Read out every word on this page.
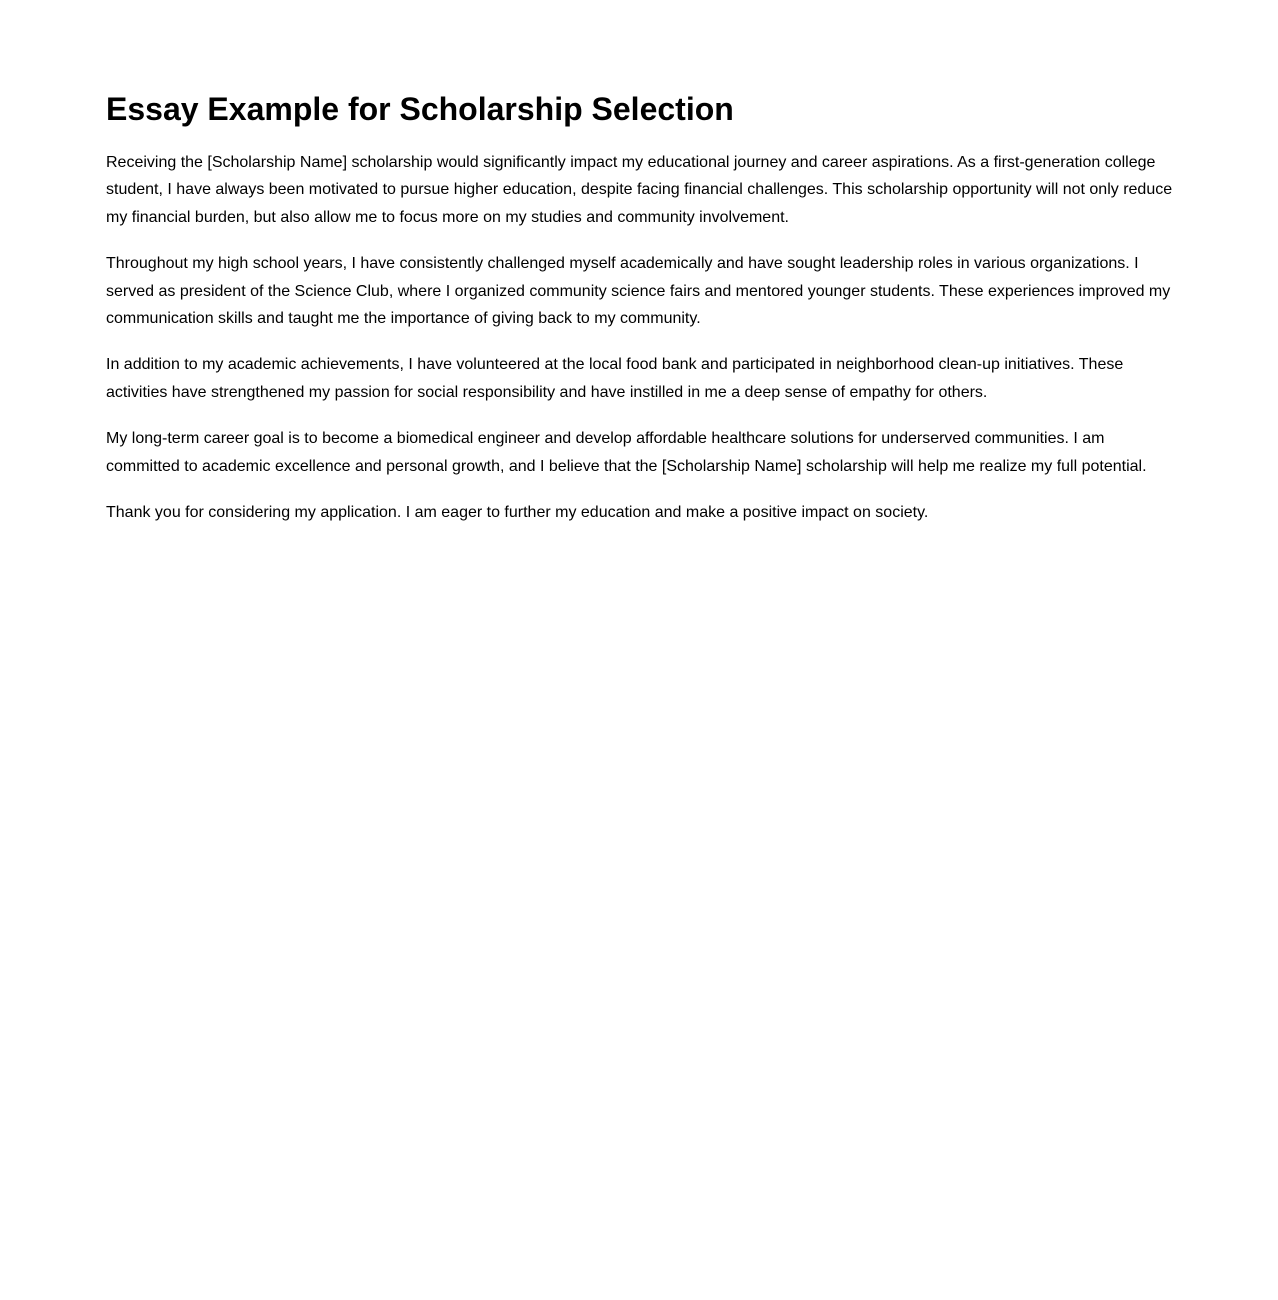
Essay Example for Scholarship Selection

Receiving the [Scholarship Name] scholarship would significantly impact my educational journey and career aspirations. As a first-generation college student, I have always been motivated to pursue higher education, despite facing financial challenges. This scholarship opportunity will not only reduce my financial burden, but also allow me to focus more on my studies and community involvement.

Throughout my high school years, I have consistently challenged myself academically and have sought leadership roles in various organizations. I served as president of the Science Club, where I organized community science fairs and mentored younger students. These experiences improved my communication skills and taught me the importance of giving back to my community.

In addition to my academic achievements, I have volunteered at the local food bank and participated in neighborhood clean-up initiatives. These activities have strengthened my passion for social responsibility and have instilled in me a deep sense of empathy for others.

My long-term career goal is to become a biomedical engineer and develop affordable healthcare solutions for underserved communities. I am committed to academic excellence and personal growth, and I believe that the [Scholarship Name] scholarship will help me realize my full potential.

Thank you for considering my application. I am eager to further my education and make a positive impact on society.
